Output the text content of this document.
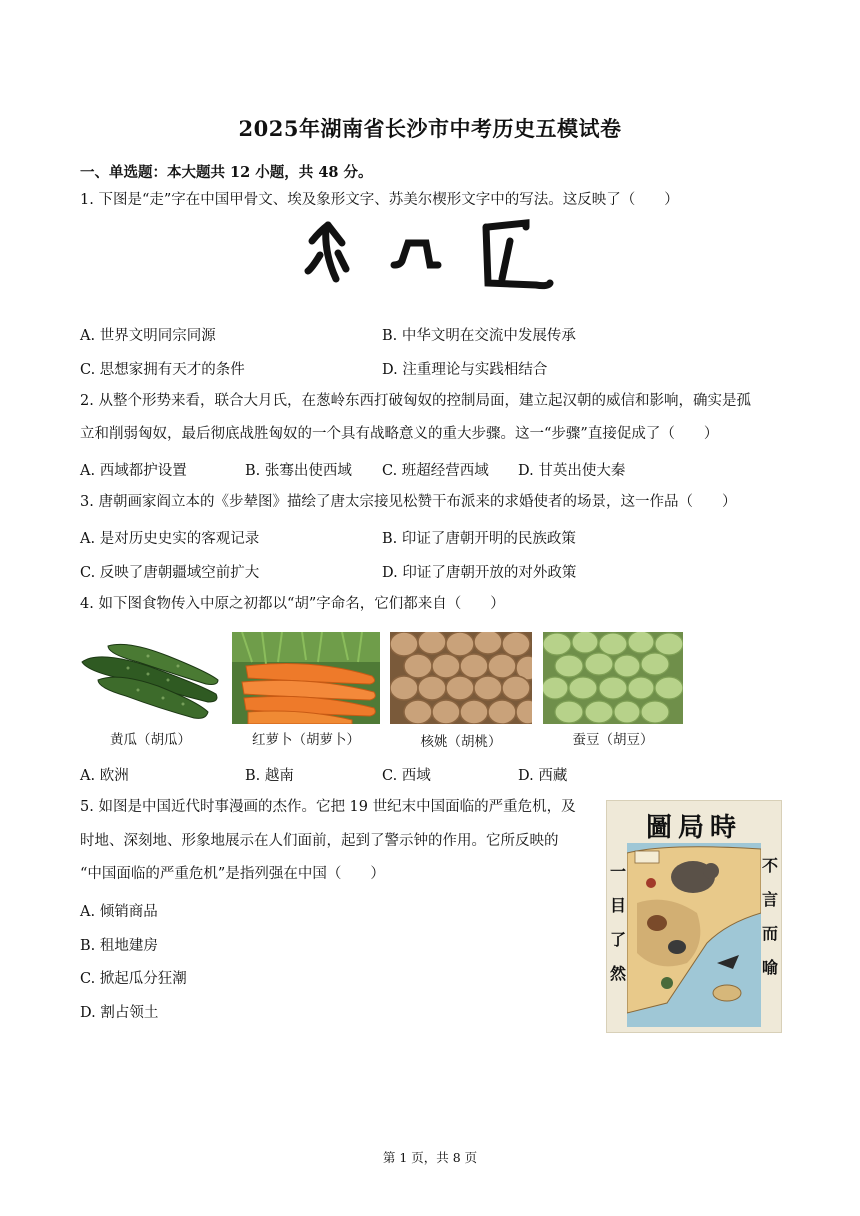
2025年湖南省长沙市中考历史五模试卷
一、单选题：本大题共 12 小题，共 48 分。
1. 下图是“走”字在中国甲骨文、埃及象形文字、苏美尔楔形文字中的写法。这反映了（　　）
A. 世界文明同宗同源	B. 中华文明在交流中发展传承
C. 思想家拥有天才的条件	D. 注重理论与实践相结合
2. 从整个形势来看，联合大月氏，在葱岭东西打破匈奴的控制局面，建立起汉朝的威信和影响，确实是孤
立和削弱匈奴，最后彻底战胜匈奴的一个具有战略意义的重大步骤。这一“步骤”直接促成了（　　）
A. 西域都护设置	B. 张骞出使西域 C. 班超经营西域 D. 甘英出使大秦
3. 唐朝画家阎立本的《步辇图》描绘了唐太宗接见松赞干布派来的求婚使者的场景，这一作品（　　）
A. 是对历史史实的客观记录	B. 印证了唐朝开明的民族政策
C. 反映了唐朝疆域空前扩大	D. 印证了唐朝开放的对外政策
4. 如下图食物传入中原之初都以“胡”字命名，它们都来自（　　）
黄瓜（胡瓜）	红萝卜（胡萝卜）	核姚（胡桃）	蚕豆（胡豆）
A. 欧洲	B. 越南	C. 西域	D. 西藏
5. 如图是中国近代时事漫画的杰作。它把 19 世纪末中国面临的严重危机，及
时地、深刻地、形象地展示在人们面前，起到了警示钟的作用。它所反映的
“中国面临的严重危机”是指列强在中国（　　）
A. 倾销商品
B. 租地建房
C. 掀起瓜分狂潮
D. 割占领土
圖局時
一
目
了
然
不
言
而
喻
第 1 页，共 8 页
